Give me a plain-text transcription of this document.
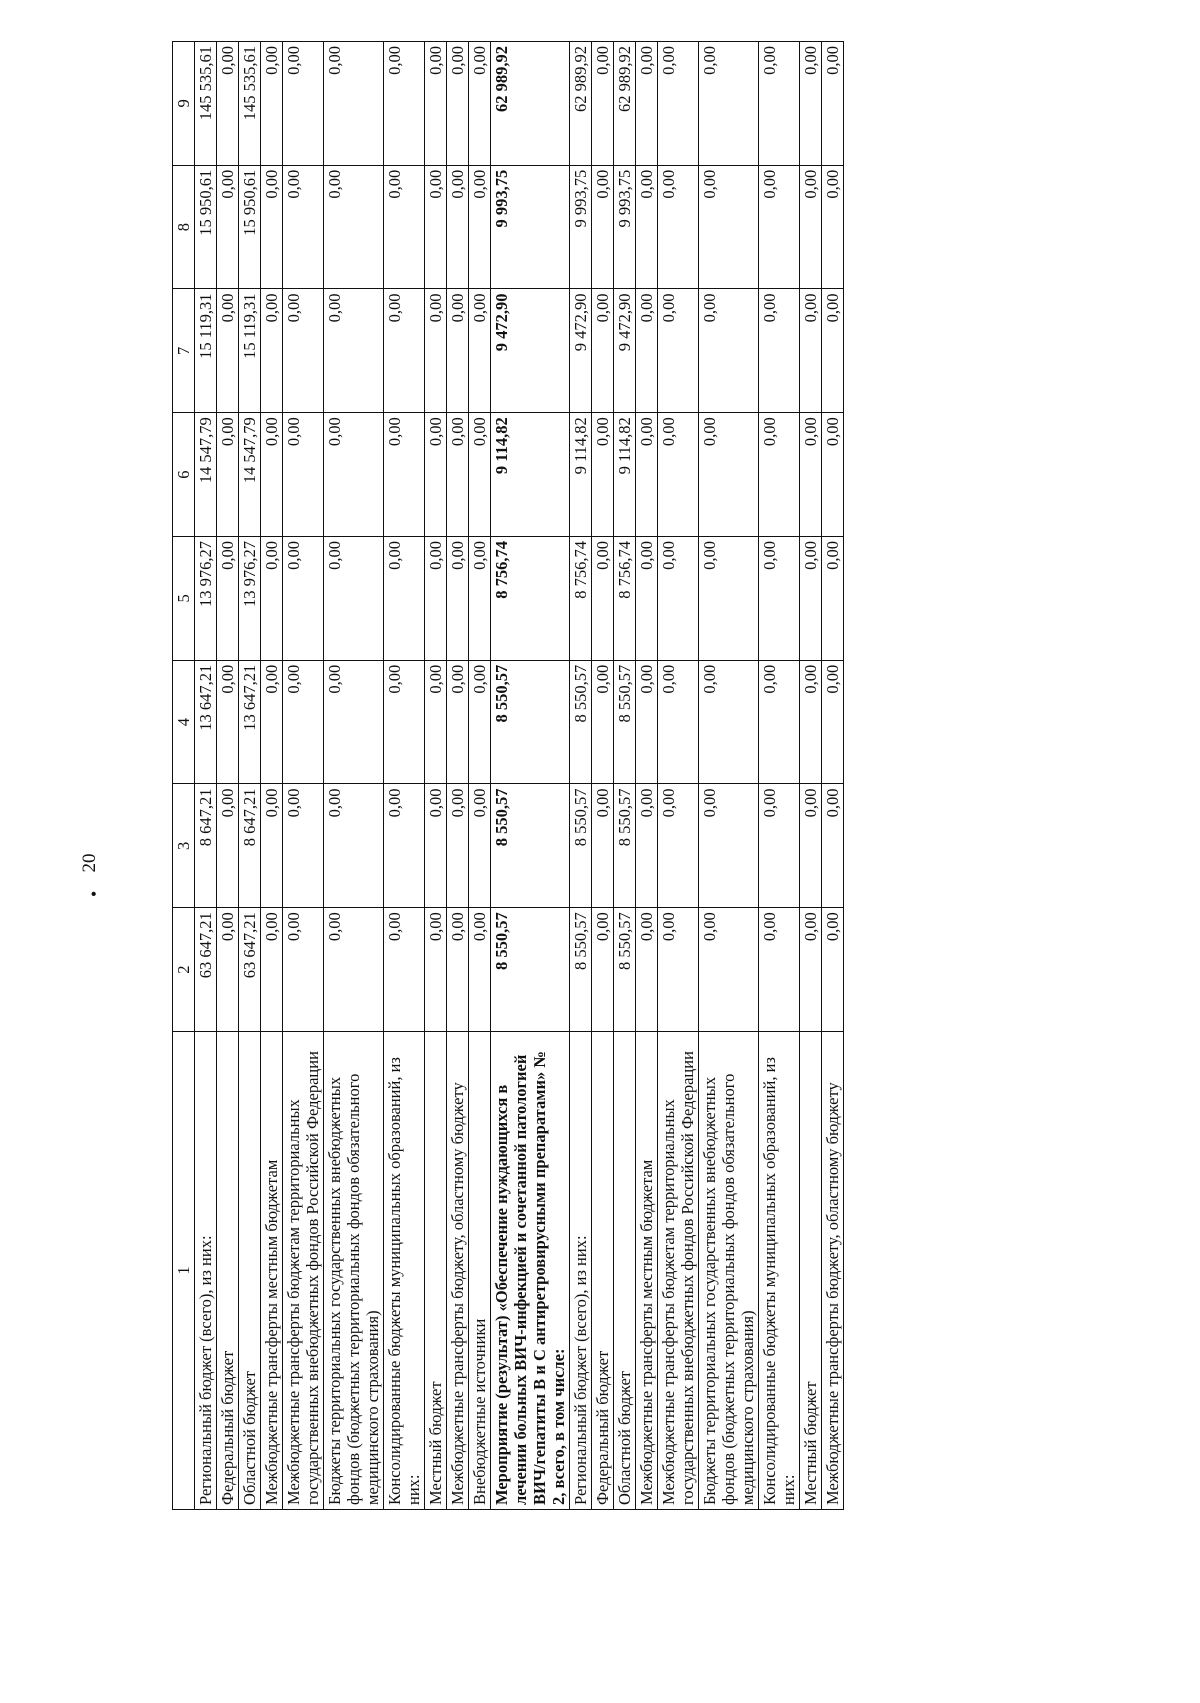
•
20
1	2	3	4	5	6	7	8	9
Региональный бюджет (всего), из них:	63 647,21	8 647,21	13 647,21	13 976,27	14 547,79	15 119,31	15 950,61	145 535,61
Федеральный бюджет	0,00	0,00	0,00	0,00	0,00	0,00	0,00	0,00
Областной бюджет	63 647,21	8 647,21	13 647,21	13 976,27	14 547,79	15 119,31	15 950,61	145 535,61
Межбюджетные трансферты местным бюджетам	0,00	0,00	0,00	0,00	0,00	0,00	0,00	0,00
Межбюджетные трансферты бюджетам территориальных государственных внебюджетных фондов Российской Федерации	0,00	0,00	0,00	0,00	0,00	0,00	0,00	0,00
Бюджеты территориальных государственных внебюджетных фондов (бюджетных территориальных фондов обязательного медицинского страхования)	0,00	0,00	0,00	0,00	0,00	0,00	0,00	0,00
Консолидированные бюджеты муниципальных образований, из них:	0,00	0,00	0,00	0,00	0,00	0,00	0,00	0,00
Местный бюджет	0,00	0,00	0,00	0,00	0,00	0,00	0,00	0,00
Межбюджетные трансферты бюджету, областному бюджету	0,00	0,00	0,00	0,00	0,00	0,00	0,00	0,00
Внебюджетные источники	0,00	0,00	0,00	0,00	0,00	0,00	0,00	0,00
Мероприятие (результат) «Обеспечение нуждающихся в лечении больных ВИЧ-инфекцией и сочетанной патологией ВИЧ/гепатиты В и С антиретровирусными препаратами» № 2, всего, в том числе:	8 550,57	8 550,57	8 550,57	8 756,74	9 114,82	9 472,90	9 993,75	62 989,92
Региональный бюджет (всего), из них:	8 550,57	8 550,57	8 550,57	8 756,74	9 114,82	9 472,90	9 993,75	62 989,92
Федеральный бюджет	0,00	0,00	0,00	0,00	0,00	0,00	0,00	0,00
Областной бюджет	8 550,57	8 550,57	8 550,57	8 756,74	9 114,82	9 472,90	9 993,75	62 989,92
Межбюджетные трансферты местным бюджетам	0,00	0,00	0,00	0,00	0,00	0,00	0,00	0,00
Межбюджетные трансферты бюджетам территориальных государственных внебюджетных фондов Российской Федерации	0,00	0,00	0,00	0,00	0,00	0,00	0,00	0,00
Бюджеты территориальных государственных внебюджетных фондов (бюджетных территориальных фондов обязательного медицинского страхования)	0,00	0,00	0,00	0,00	0,00	0,00	0,00	0,00
Консолидированные бюджеты муниципальных образований, из них:	0,00	0,00	0,00	0,00	0,00	0,00	0,00	0,00
Местный бюджет	0,00	0,00	0,00	0,00	0,00	0,00	0,00	0,00
Межбюджетные трансферты бюджету, областному бюджету	0,00	0,00	0,00	0,00	0,00	0,00	0,00	0,00
